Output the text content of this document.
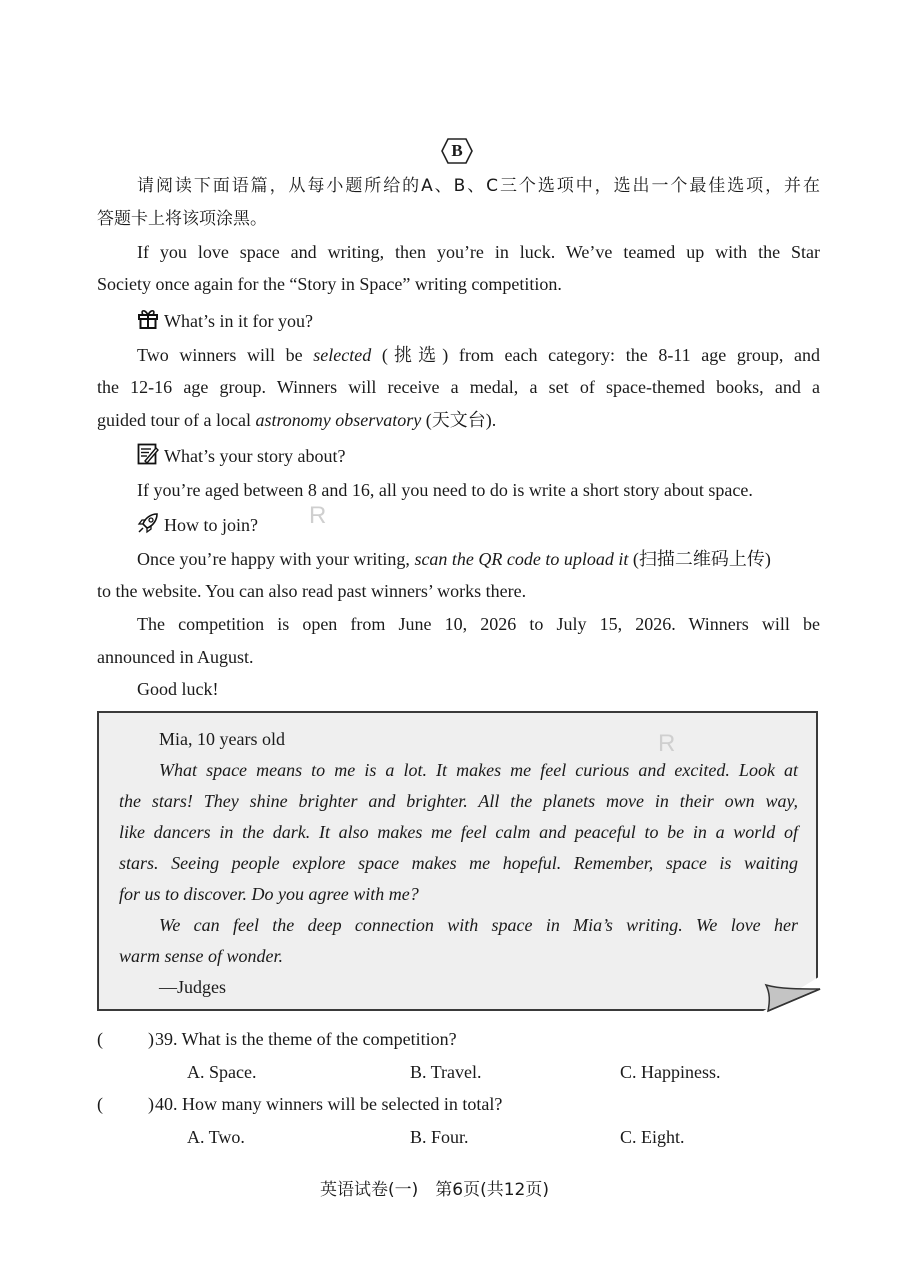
B
请阅读下面语篇，从每小题所给的A、B、C三个选项中，选出一个最佳选项，并在
答题卡上将该项涂黑。
If you love space and writing, then you’re in luck. We’ve teamed up with the Star
Society once again for the “Story in Space” writing competition.
What’s in it for you?
Two winners will be selected (挑选) from each category: the 8-11 age group, and
the 12-16 age group. Winners will receive a medal, a set of space-themed books, and a
guided tour of a local astronomy observatory (天文台).
What’s your story about?
If you’re aged between 8 and 16, all you need to do is write a short story about space.
How to join? R
Once you’re happy with your writing, scan the QR code to upload it (扫描二维码上传)
to the website. You can also read past winners’ works there.
The competition is open from June 10, 2026 to July 15, 2026. Winners will be
announced in August.
Good luck!
R
Mia, 10 years old
What space means to me is a lot. It makes me feel curious and excited. Look at
the stars! They shine brighter and brighter. All the planets move in their own way,
like dancers in the dark. It also makes me feel calm and peaceful to be in a world of
stars. Seeing people explore space makes me hopeful. Remember, space is waiting
for us to discover. Do you agree with me?
We can feel the deep connection with space in Mia’s writing. We love her
warm sense of wonder.
—Judges
(	) 39. What is the theme of the competition?
A. Space.	B. Travel.	C. Happiness.
(	) 40. How many winners will be selected in total?
A. Two.	B. Four.	C. Eight.
英语试卷(一)　第6页(共12页)
